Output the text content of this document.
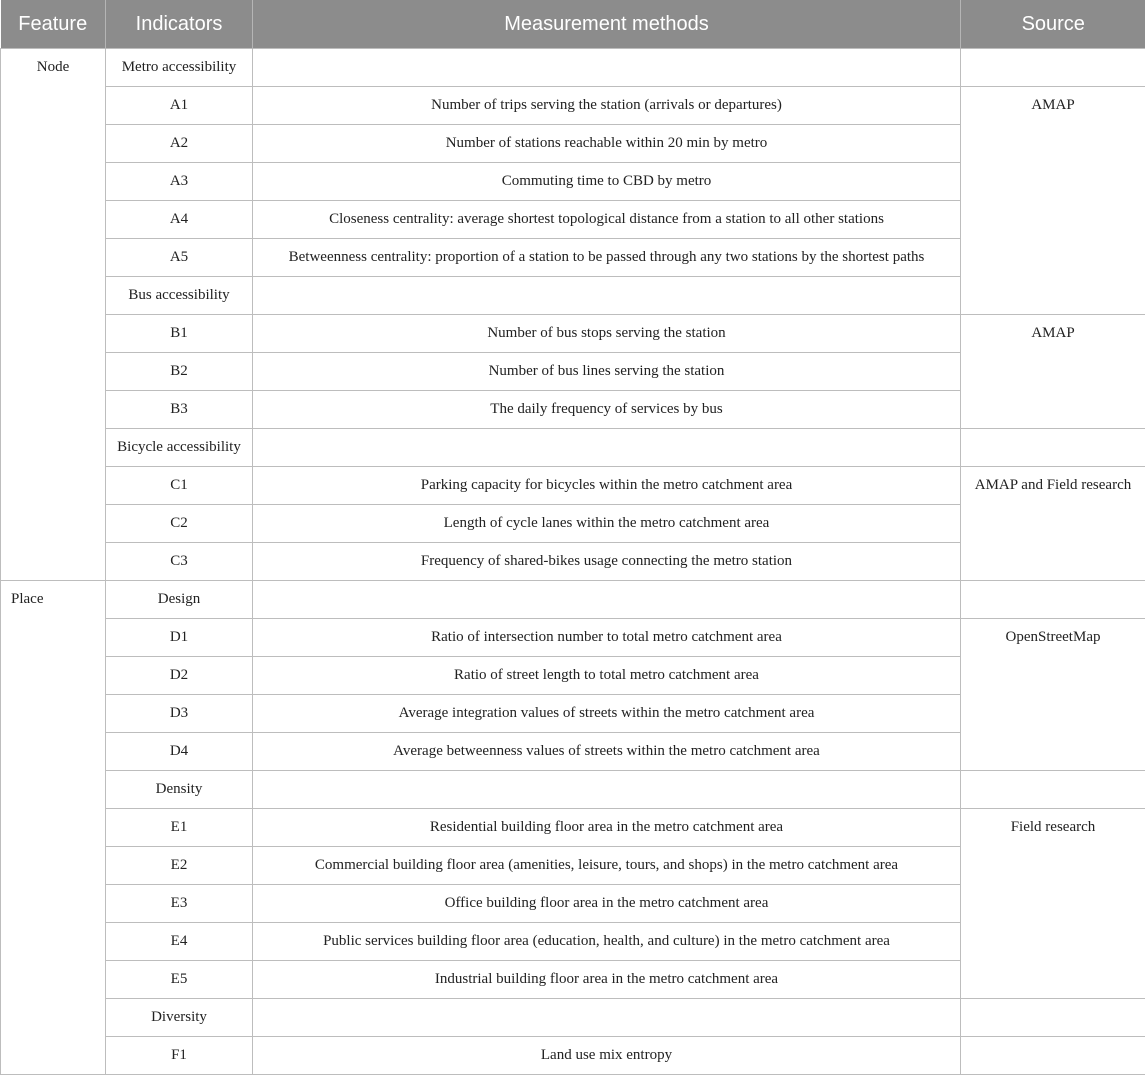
Feature	Indicators	Measurement methods	Source
Node	Metro accessibility		
	A1	Number of trips serving the station (arrivals or departures)	AMAP
	A2	Number of stations reachable within 20 min by metro	
	A3	Commuting time to CBD by metro	
	A4	Closeness centrality: average shortest topological distance from a station to all other stations	
	A5	Betweenness centrality: proportion of a station to be passed through any two stations by the shortest paths	
	Bus accessibility		
	B1	Number of bus stops serving the station	AMAP
	B2	Number of bus lines serving the station	
	B3	The daily frequency of services by bus	
	Bicycle accessibility		
	C1	Parking capacity for bicycles within the metro catchment area	AMAP and Field research
	C2	Length of cycle lanes within the metro catchment area	
	C3	Frequency of shared-bikes usage connecting the metro station	
Place	Design		
	D1	Ratio of intersection number to total metro catchment area	OpenStreetMap
	D2	Ratio of street length to total metro catchment area	
	D3	Average integration values of streets within the metro catchment area	
	D4	Average betweenness values of streets within the metro catchment area	
	Density		
	E1	Residential building floor area in the metro catchment area	Field research
	E2	Commercial building floor area (amenities, leisure, tours, and shops) in the metro catchment area	
	E3	Office building floor area in the metro catchment area	
	E4	Public services building floor area (education, health, and culture) in the metro catchment area	
	E5	Industrial building floor area in the metro catchment area	
	Diversity		
	F1	Land use mix entropy	
